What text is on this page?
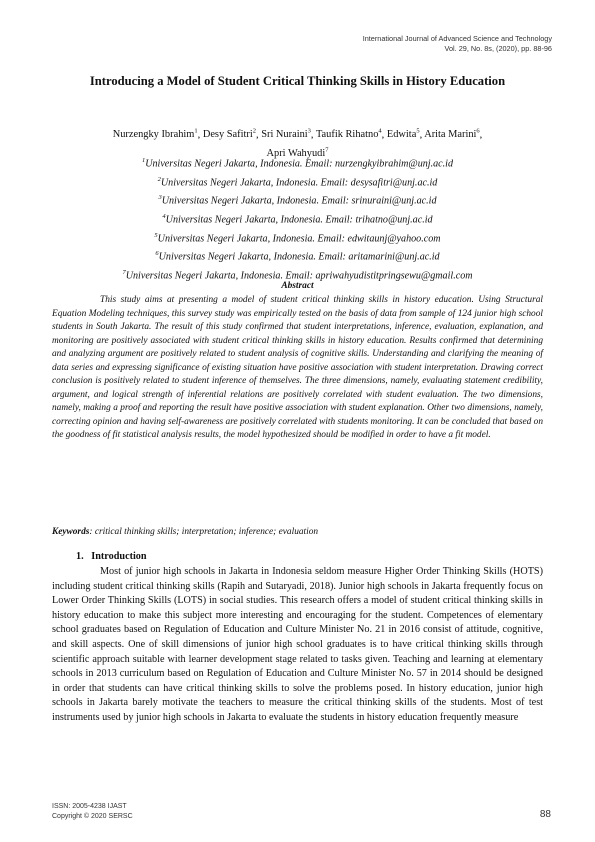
International Journal of Advanced Science and Technology
Vol. 29, No. 8s, (2020), pp. 88-96
Introducing a Model of Student Critical Thinking Skills in History Education
Nurzengky Ibrahim$^1$, Desy Safitri$^2$, Sri Nuraini$^3$, Taufik Rihatno$^4$, Edwita$^5$, Arita Marini$^6$,
Apri Wahyudi$^7$
$^1$Universitas Negeri Jakarta, Indonesia. Email: nurzengkyibrahim@unj.ac.id
$^2$Universitas Negeri Jakarta, Indonesia. Email: desysafitri@unj.ac.id
$^3$Universitas Negeri Jakarta, Indonesia. Email: srinuraini@unj.ac.id
$^4$Universitas Negeri Jakarta, Indonesia. Email: trihatno@unj.ac.id
$^5$Universitas Negeri Jakarta, Indonesia. Email: edwitaunj@yahoo.com
$^6$Universitas Negeri Jakarta, Indonesia. Email: aritamarini@unj.ac.id
$^7$Universitas Negeri Jakarta, Indonesia. Email: apriwahyudistitpringsewu@gmail.com
Abstract

This study aims at presenting a model of student critical thinking skills in history education. Using Structural Equation Modeling techniques, this survey study was empirically tested on the basis of data from sample of 124 junior high school students in South Jakarta. The result of this study confirmed that student interpretations, inference, evaluation, explanation, and monitoring are positively associated with student critical thinking skills in history education. Results confirmed that determining and analyzing argument are positively related to student analysis of cognitive skills. Understanding and clarifying the meaning of data series and expressing significance of existing situation have positive association with student interpretation. Drawing correct conclusion is positively related to student inference of themselves. The three dimensions, namely, evaluating statement credibility, argument, and logical strength of inferential relations are positively correlated with student evaluation. The two dimensions, namely, making a proof and reporting the result have positive association with student explanation. Other two dimensions, namely, correcting opinion and having self-awareness are positively correlated with students monitoring. It can be concluded that based on the goodness of fit statistical analysis results, the model hypothesized should be modified in order to have a fit model.

Keywords: critical thinking skills; interpretation; inference; evaluation
1. Introduction

Most of junior high schools in Jakarta in Indonesia seldom measure Higher Order Thinking Skills (HOTS) including student critical thinking skills (Rapih and Sutaryadi, 2018). Junior high schools in Jakarta frequently focus on Lower Order Thinking Skills (LOTS) in social studies. This research offers a model of student critical thinking skills in history education to make this subject more interesting and encouraging for the student. Competences of elementary school graduates based on Regulation of Education and Culture Minister No. 21 in 2016 consist of attitude, cognitive, and skill aspects. One of skill dimensions of junior high school graduates is to have critical thinking skills through scientific approach suitable with learner development stage related to tasks given. Teaching and learning at elementary schools in 2013 curriculum based on Regulation of Education and Culture Minister No. 57 in 2014 should be designed in order that students can have critical thinking skills to solve the problems posed. In history education, junior high schools in Jakarta barely motivate the teachers to measure the critical thinking skills of the students. Most of test instruments used by junior high schools in Jakarta to evaluate the students in history education frequently measure

ISSN: 2005-4238 IJAST
Copyright © 2020 SERSC	88
